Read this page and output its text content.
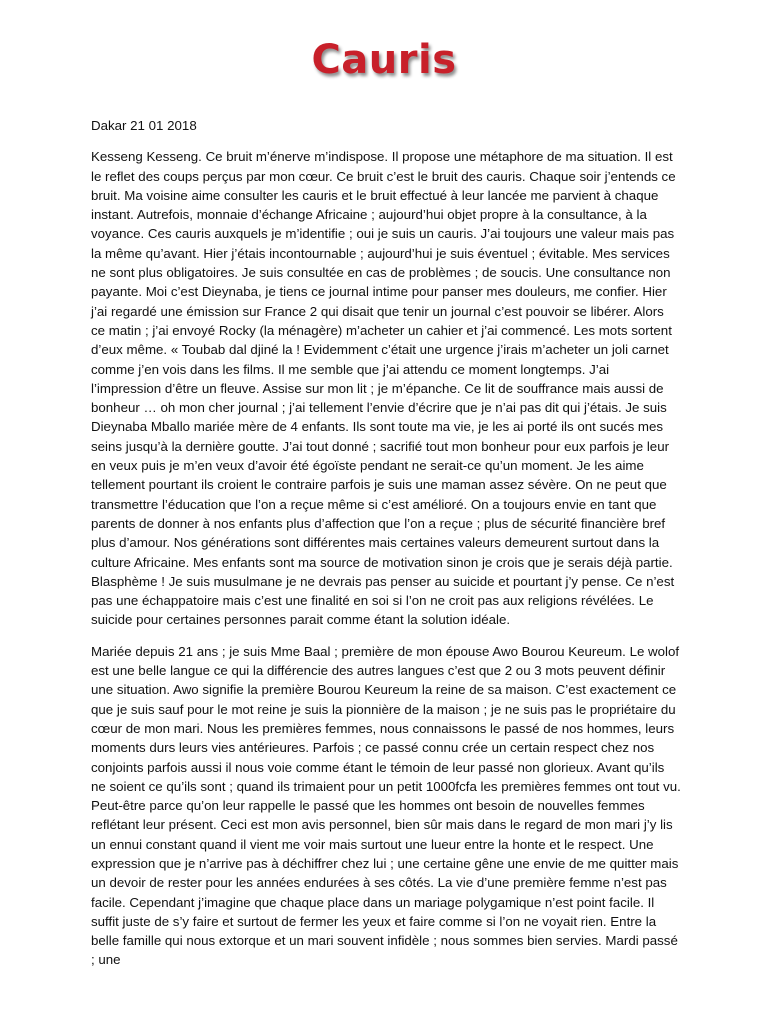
Cauris

Dakar 21 01 2018

Kesseng Kesseng. Ce bruit m’énerve m’indispose. Il propose une métaphore de ma situation. Il est le reflet des coups perçus par mon cœur. Ce bruit c’est le bruit des cauris. Chaque soir j’entends ce bruit. Ma voisine aime consulter les cauris et le bruit effectué à leur lancée me parvient à chaque instant. Autrefois, monnaie d’échange Africaine ; aujourd’hui objet propre à la consultance, à la voyance. Ces cauris auxquels je m’identifie ; oui je suis un cauris. J’ai toujours une valeur mais pas la même qu’avant. Hier j’étais incontournable ; aujourd’hui je suis éventuel ; évitable. Mes services ne sont plus obligatoires. Je suis consultée en cas de problèmes ; de soucis. Une consultance non payante. Moi c’est Dieynaba, je tiens ce journal intime pour panser mes douleurs, me confier. Hier j’ai regardé une émission sur France 2 qui disait que tenir un journal c’est pouvoir se libérer. Alors ce matin ; j’ai envoyé Rocky (la ménagère) m’acheter un cahier et j’ai commencé. Les mots sortent d’eux même. « Toubab dal djiné la ! Evidemment c’était une urgence j’irais m’acheter un joli carnet comme j’en vois dans les films. Il me semble que j’ai attendu ce moment longtemps. J’ai l’impression d’être un fleuve. Assise sur mon lit ; je m’épanche. Ce lit de souffrance mais aussi de bonheur … oh mon cher journal ; j’ai tellement l’envie d’écrire que je n’ai pas dit qui j’étais. Je suis Dieynaba Mballo mariée mère de 4 enfants. Ils sont toute ma vie, je les ai porté ils ont sucés mes seins jusqu’à la dernière goutte. J’ai tout donné ; sacrifié tout mon bonheur pour eux parfois je leur en veux puis je m’en veux d’avoir été égoïste pendant ne serait-ce qu’un moment. Je les aime tellement pourtant ils croient le contraire parfois je suis une maman assez sévère. On ne peut que transmettre l’éducation que l’on a reçue même si c’est amélioré. On a toujours envie en tant que parents de donner à nos enfants plus d’affection que l’on a reçue ; plus de sécurité financière bref plus d’amour. Nos générations sont différentes mais certaines valeurs demeurent surtout dans la culture Africaine. Mes enfants sont ma source de motivation sinon je crois que je serais déjà partie. Blasphème ! Je suis musulmane je ne devrais pas penser au suicide et pourtant j’y pense. Ce n’est pas une échappatoire mais c’est une finalité en soi si l’on ne croit pas aux religions révélées. Le suicide pour certaines personnes parait comme étant la solution idéale.

Mariée depuis 21 ans ; je suis Mme Baal ; première de mon épouse Awo Bourou Keureum. Le wolof est une belle langue ce qui la différencie des autres langues c’est que 2 ou 3 mots peuvent définir une situation. Awo signifie la première Bourou Keureum la reine de sa maison. C’est exactement ce que je suis sauf pour le mot reine je suis la pionnière de la maison ; je ne suis pas le propriétaire du cœur de mon mari. Nous les premières femmes, nous connaissons le passé de nos hommes, leurs moments durs leurs vies antérieures. Parfois ; ce passé connu crée un certain respect chez nos conjoints parfois aussi il nous voie comme étant le témoin de leur passé non glorieux. Avant qu’ils ne soient ce qu’ils sont ; quand ils trimaient pour un petit 1000fcfa les premières femmes ont tout vu. Peut-être parce qu’on leur rappelle le passé que les hommes ont besoin de nouvelles femmes reflétant leur présent. Ceci est mon avis personnel, bien sûr mais dans le regard de mon mari j’y lis un ennui constant quand il vient me voir mais surtout une lueur entre la honte et le respect. Une expression que je n’arrive pas à déchiffrer chez lui ; une certaine gêne une envie de me quitter mais un devoir de rester pour les années endurées à ses côtés. La vie d’une première femme n’est pas facile. Cependant j’imagine que chaque place dans un mariage polygamique n’est point facile. Il suffit juste de s’y faire et surtout de fermer les yeux et faire comme si l’on ne voyait rien. Entre la belle famille qui nous extorque et un mari souvent infidèle ; nous sommes bien servies. Mardi passé ; une
